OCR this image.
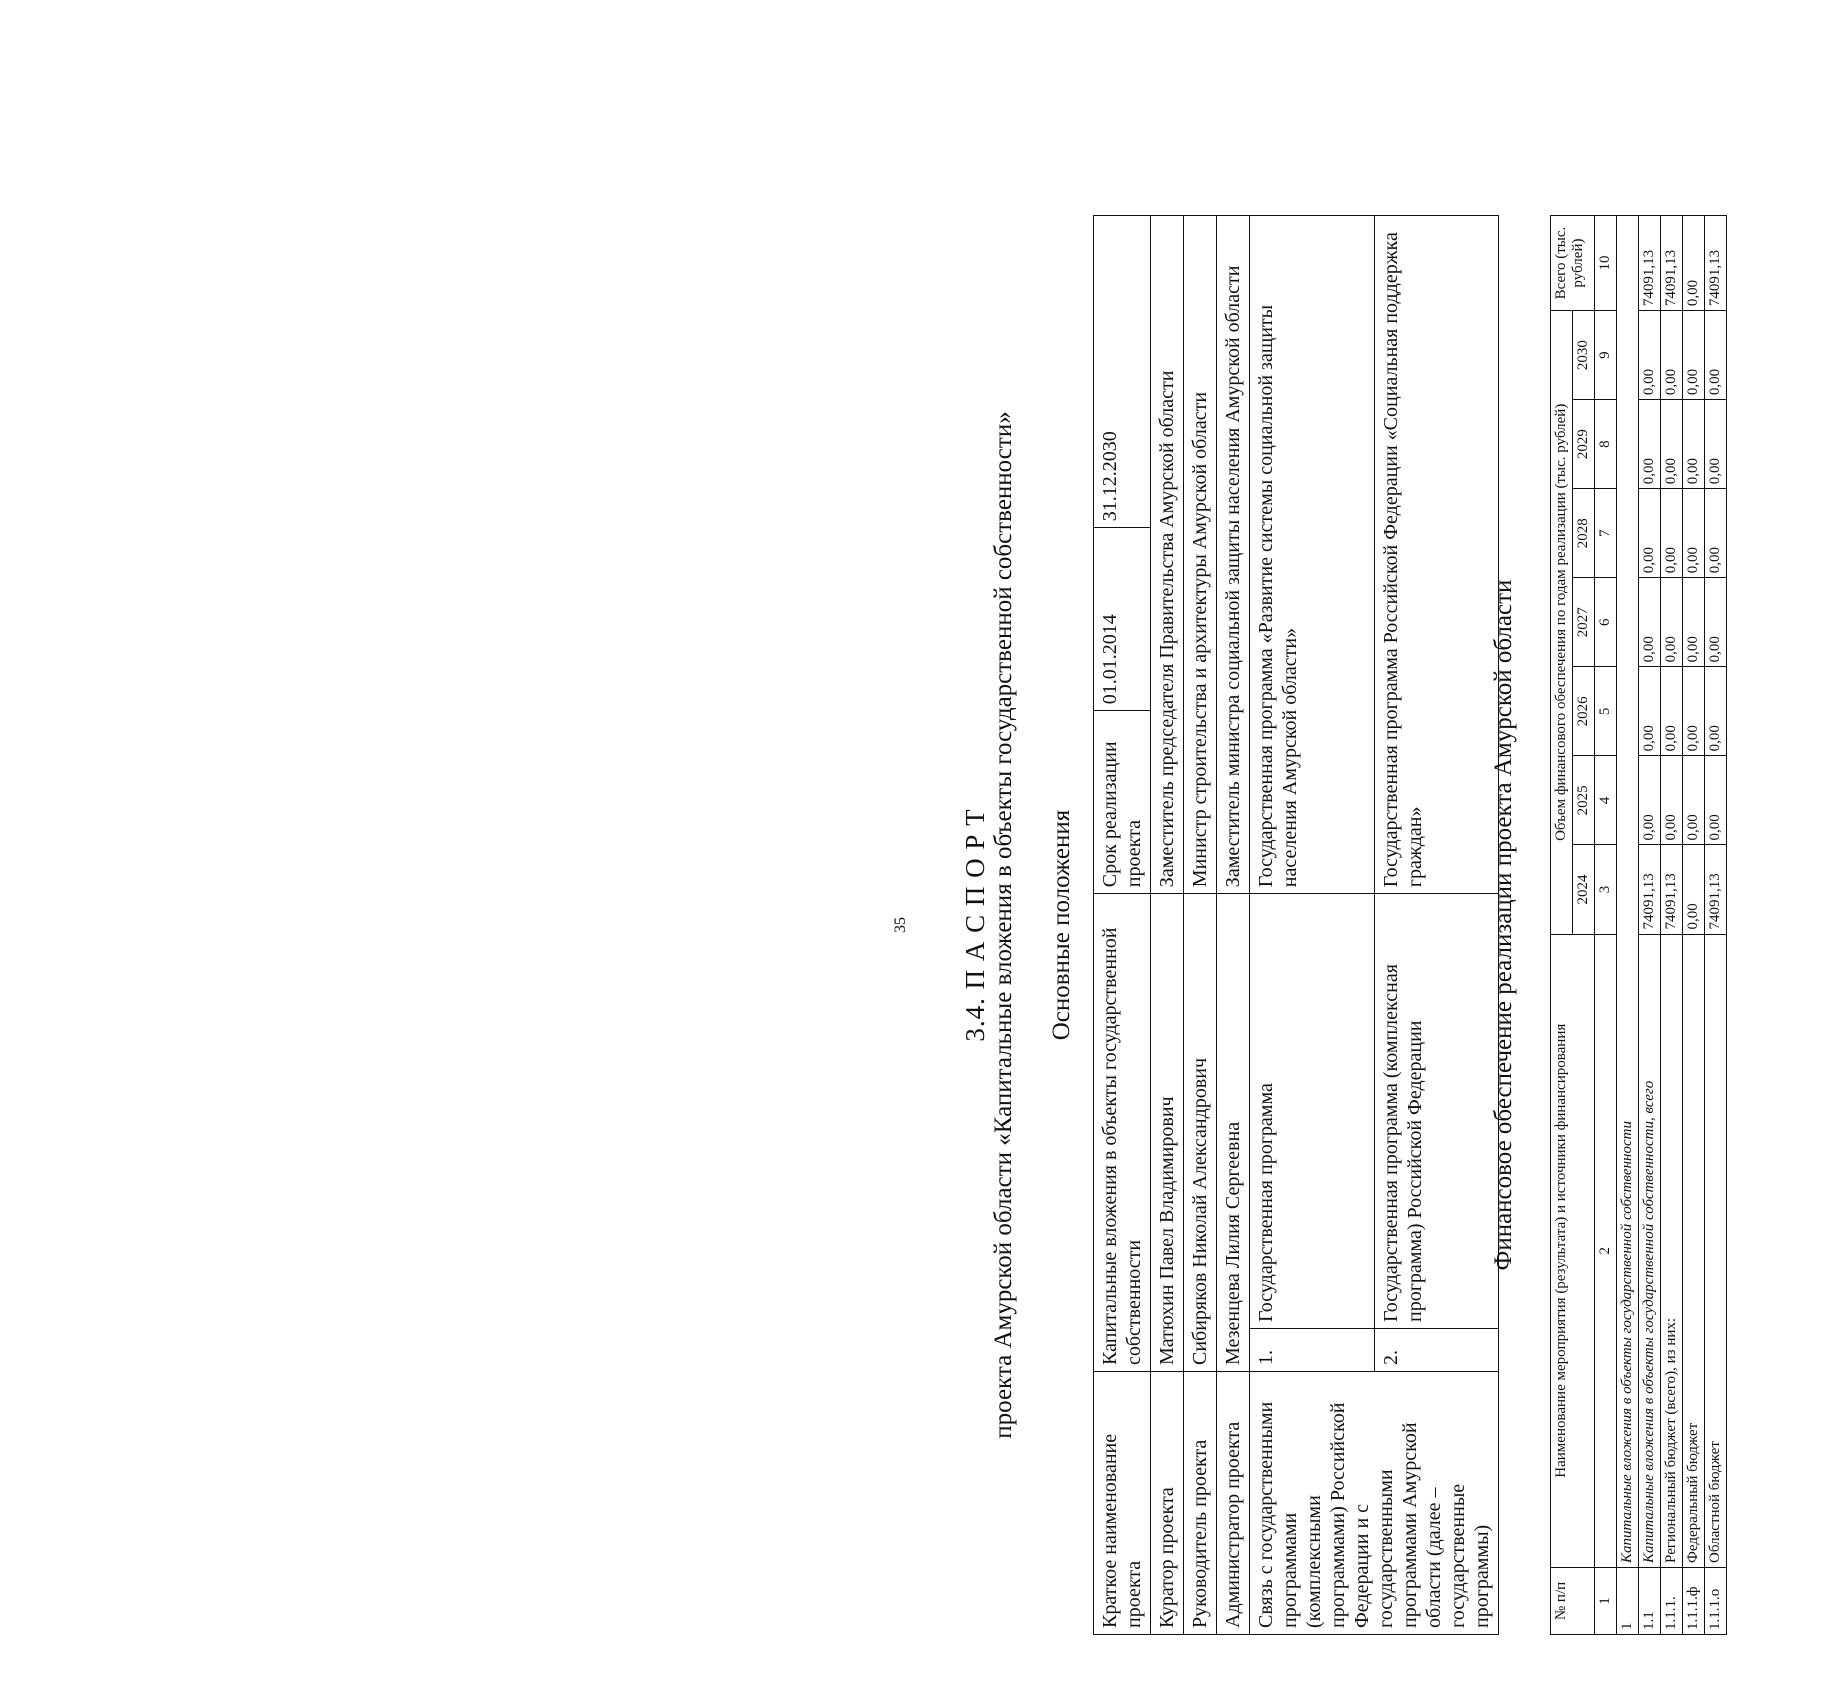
35 3.4. П А С П О Р Т проекта Амурской области «Капитальные вложения в объекты государственной собственности» Основные положения
Краткое наименование проекта	Капитальные вложения в объекты государственной собственности		Срок реализации проекта	01.01.2014	31.12.2030
Куратор проекта	Матюхин Павел Владимирович		Заместитель председателя Правительства Амурской области		
Руководитель проекта	Сибиряков Николай Александрович		Министр строительства и архитектуры Амурской области		
Администратор проекта	Мезенцева Лилия Сергеевна		Заместитель министра социальной защиты населения Амурской области		
Связь с государственными программами (комплексными программами) Российской Федерации и с государственными программами Амурской области (далее – государственные программы)	1.	Государственная программа	Государственная программа «Развитие системы социальной защиты населения Амурской области»		
	2.	Государственная программа (комплексная программа) Российской Федерации	Государственная программа Российской Федерации «Социальная поддержка граждан»			Финансовое обеспечение реализации проекта Амурской области
№ п/п	Наименование мероприятия (результата) и источники финансирования	Объем финансового обеспечения по годам реализации (тыс. рублей)							Всего (тыс. рублей)
		2024	2025	2026	2027	2028	2029	2030	
1	2	3	4	5	6	7	8	9	10
1	Капитальные вложения в объекты государственной собственности								
1.1	Капитальные вложения в объекты государственной собственности, всего	74091,13	0,00	0,00	0,00	0,00	0,00	0,00	74091,13
1.1.1.	Региональный бюджет (всего), из них:	74091,13	0,00	0,00	0,00	0,00	0,00	0,00	74091,13
1.1.1.ф	Федеральный бюджет	0,00	0,00	0,00	0,00	0,00	0,00	0,00	0,00
1.1.1.о	Областной бюджет	74091,13	0,00	0,00	0,00	0,00	0,00	0,00	74091,13
